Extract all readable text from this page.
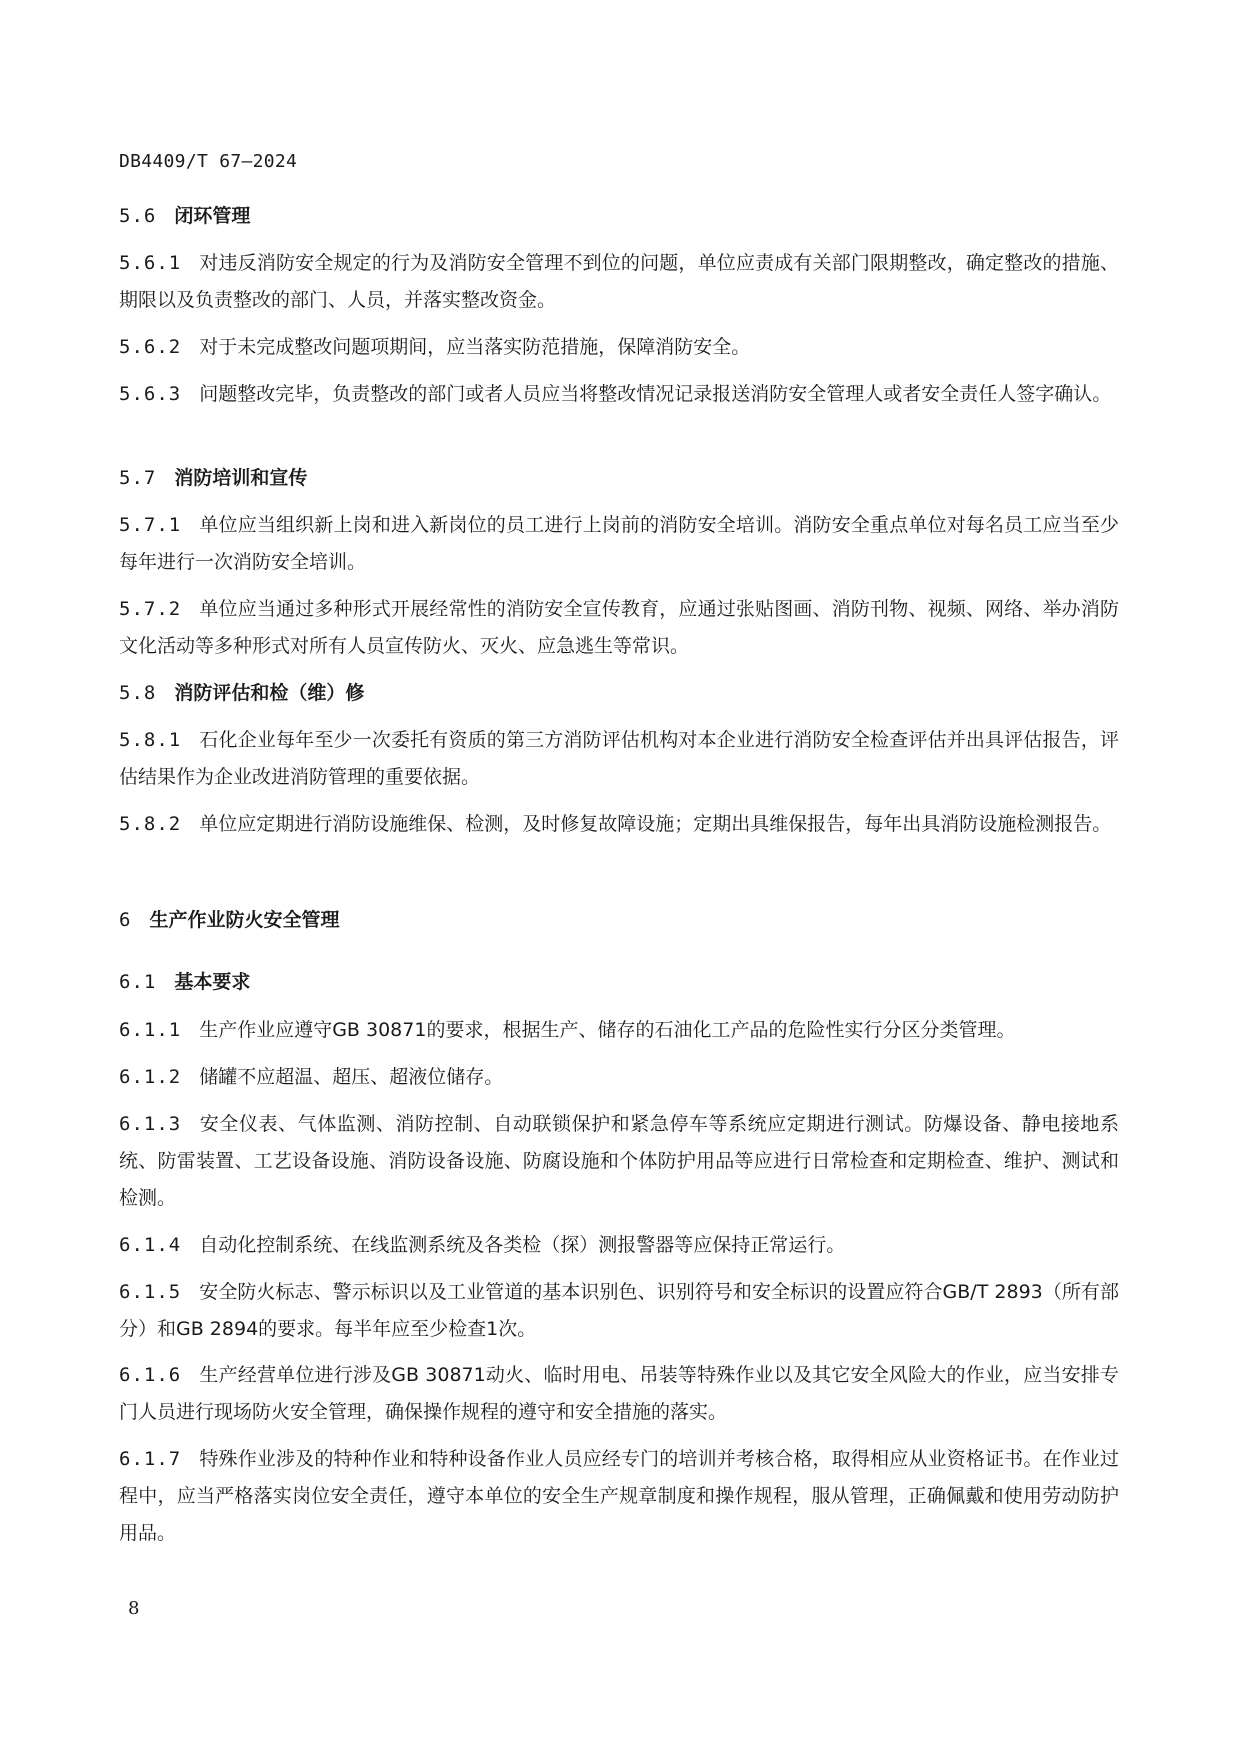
DB4409/T 67—2024
5.6 闭环管理
5.6.1 对违反消防安全规定的行为及消防安全管理不到位的问题，单位应责成有关部门限期整改，确定整改的措施、期限以及负责整改的部门、人员，并落实整改资金。
5.6.2 对于未完成整改问题项期间，应当落实防范措施，保障消防安全。
5.6.3 问题整改完毕，负责整改的部门或者人员应当将整改情况记录报送消防安全管理人或者安全责任人签字确认。
5.7 消防培训和宣传
5.7.1 单位应当组织新上岗和进入新岗位的员工进行上岗前的消防安全培训。消防安全重点单位对每名员工应当至少每年进行一次消防安全培训。
5.7.2 单位应当通过多种形式开展经常性的消防安全宣传教育，应通过张贴图画、消防刊物、视频、网络、举办消防文化活动等多种形式对所有人员宣传防火、灭火、应急逃生等常识。
5.8 消防评估和检（维）修
5.8.1 石化企业每年至少一次委托有资质的第三方消防评估机构对本企业进行消防安全检查评估并出具评估报告，评估结果作为企业改进消防管理的重要依据。
5.8.2 单位应定期进行消防设施维保、检测，及时修复故障设施；定期出具维保报告，每年出具消防设施检测报告。
6 生产作业防火安全管理
6.1 基本要求
6.1.1 生产作业应遵守GB 30871的要求，根据生产、储存的石油化工产品的危险性实行分区分类管理。
6.1.2 储罐不应超温、超压、超液位储存。
6.1.3 安全仪表、气体监测、消防控制、自动联锁保护和紧急停车等系统应定期进行测试。防爆设备、静电接地系统、防雷装置、工艺设备设施、消防设备设施、防腐设施和个体防护用品等应进行日常检查和定期检查、维护、测试和检测。
6.1.4 自动化控制系统、在线监测系统及各类检（探）测报警器等应保持正常运行。
6.1.5 安全防火标志、警示标识以及工业管道的基本识别色、识别符号和安全标识的设置应符合GB/T 2893（所有部分）和GB 2894的要求。每半年应至少检查1次。
6.1.6 生产经营单位进行涉及GB 30871动火、临时用电、吊装等特殊作业以及其它安全风险大的作业，应当安排专门人员进行现场防火安全管理，确保操作规程的遵守和安全措施的落实。
6.1.7 特殊作业涉及的特种作业和特种设备作业人员应经专门的培训并考核合格，取得相应从业资格证书。在作业过程中，应当严格落实岗位安全责任，遵守本单位的安全生产规章制度和操作规程，服从管理，正确佩戴和使用劳动防护用品。
8
